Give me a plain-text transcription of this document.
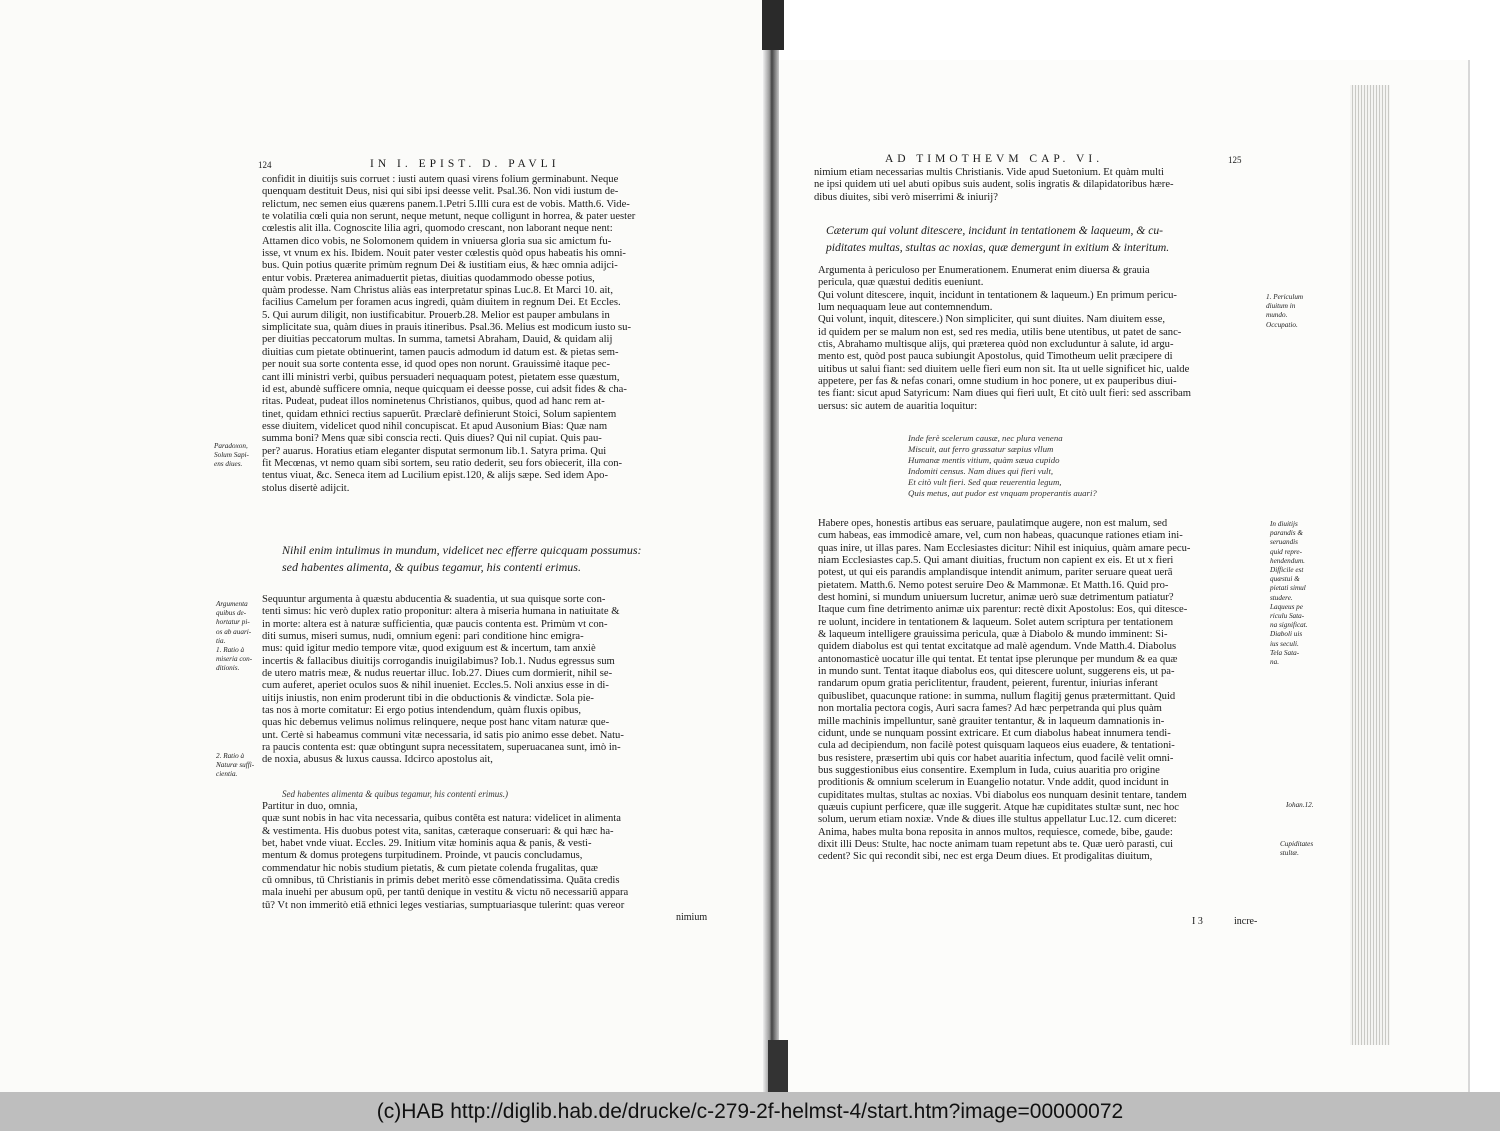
124	IN I. EPIST. D. PAVLI
confidit in diuitijs suis corruet : iusti autem quasi virens folium germinabunt. Neque
quenquam destituit Deus, nisi qui sibi ipsi deesse velit. Psal.36. Non vidi iustum de-
relictum, nec semen eius quærens panem.1.Petri 5.Illi cura est de vobis. Matth.6. Vide-
te volatilia cœli quia non serunt, neque metunt, neque colligunt in horrea, & pater uester
cœlestis alit illa. Cognoscite lilia agri, quomodo crescant, non laborant neque nent:
Attamen dico vobis, ne Solomonem quidem in vniuersa gloria sua sic amictum fu-
isse, vt vnum ex his. Ibidem. Nouit pater vester cœlestis quòd opus habeatis his omni-
bus. Quin potius quærite primùm regnum Dei & iustitiam eius, & hæc omnia adijci-
entur vobis. Præterea animaduertit pietas, diuitias quodammodo obesse potius,
quàm prodesse. Nam Christus aliàs eas interpretatur spinas Luc.8. Et Marci 10. ait,
facilius Camelum per foramen acus ingredi, quàm diuitem in regnum Dei. Et Eccles.
5. Qui aurum diligit, non iustificabitur. Prouerb.28. Melior est pauper ambulans in
simplicitate sua, quàm diues in prauis itineribus. Psal.36. Melius est modicum iusto su-
per diuitias peccatorum multas. In summa, tametsi Abraham, Dauid, & quidam alij
diuitias cum pietate obtinuerint, tamen paucis admodum id datum est. & pietas sem-
per nouit sua sorte contenta esse, id quod opes non norunt. Grauissimè itaque pec-
cant illi ministri verbi, quibus persuaderi nequaquam potest, pietatem esse quæstum,
id est, abundè sufficere omnia, neque quicquam ei deesse posse, cui adsit fides & cha-
ritas. Pudeat, pudeat illos nominetenus Christianos, quibus, quod ad hanc rem at-
tinet, quidam ethnici rectius sapuerūt. Præclarè definierunt Stoici, Solum sapientem
esse diuitem, videlicet quod nihil concupiscat. Et apud Ausonium Bias: Quæ nam
summa boni? Mens quæ sibi conscia recti. Quis diues? Qui nil cupiat. Quis pau-
per? auarus. Horatius etiam eleganter disputat sermonum lib.1. Satyra prima. Qui
fit Mecœnas, vt nemo quam sibi sortem, seu ratio dederit, seu fors obiecerit, illa con-
tentus viuat, &c. Seneca item ad Lucilium epist.120, & alijs sæpe. Sed idem Apo-
stolus disertè adijcit.
Nihil enim intulimus in mundum, videlicet nec efferre quicquam possumus:
sed habentes alimenta, & quibus tegamur, his contenti erimus.
Sequuntur argumenta à quæstu abducentia & suadentia, ut sua quisque sorte con-
tenti simus: hic verò duplex ratio proponitur: altera à miseria humana in natiuitate &
in morte: altera est à naturæ sufficientia, quæ paucis contenta est. Primùm vt con-
diti sumus, miseri sumus, nudi, omnium egeni: pari conditione hinc emigra-
mus: quid igitur medio tempore vitæ, quod exiguum est & incertum, tam anxiè
incertis & fallacibus diuitijs corrogandis inuigilabimus? Iob.1. Nudus egressus sum
de utero matris meæ, & nudus reuertar illuc. Iob.27. Diues cum dormierit, nihil se-
cum auferet, aperiet oculos suos & nihil inueniet. Eccles.5. Noli anxius esse in di-
uitijs iniustis, non enim proderunt tibi in die obductionis & vindictæ. Sola pie-
tas nos à morte comitatur: Ei ergo potius intendendum, quàm fluxis opibus,
quas hic debemus velimus nolimus relinquere, neque post hanc vitam naturæ que-
unt. Certè si habeamus communi vitæ necessaria, id satis pio animo esse debet. Natu-
ra paucis contenta est: quæ obtingunt supra necessitatem, superuacanea sunt, imò in-
de noxia, abusus & luxus caussa. Idcirco apostolus ait,
Sed habentes alimenta & quibus tegamur, his contenti erimus.)
Partitur in duo, omnia,
quæ sunt nobis in hac vita necessaria, quibus contēta est natura: videlicet in alimenta
& vestimenta. His duobus potest vita, sanitas, cæteraque conseruari: & qui hæc ha-
bet, habet vnde viuat. Eccles. 29. Initium vitæ hominis aqua & panis, & vesti-
mentum & domus protegens turpitudinem. Proinde, vt paucis concludamus,
commendatur hic nobis studium pietatis, & cum pietate colenda frugalitas, quæ
cū omnibus, tū Christianis in primis debet meritò esse cōmendatissima. Quāta credis
mala inuehi per abusum opū, per tantū denique in vestitu & victu nō necessariū appara
tū? Vt non immeritò etiā ethnici leges vestiarias, sumptuariasque tulerint: quas vereor
nimium
Paradoxon,
Solum Sapi-
ens diues.
Argumenta
quibus de-
hortatur pi-
os ab auari-
tia.
1. Ratio à
miseria con-
ditionis.
2. Ratio à
Naturæ suffi-
cientia.
AD TIMOTHEVM CAP. VI.	125
nimium etiam necessarias multis Christianis. Vide apud Suetonium. Et quàm multi
ne ipsi quidem uti uel abuti opibus suis audent, solis ingratis & dilapidatoribus hære-
dibus diuites, sibi verò miserrimi & iniurij?
Cæterum qui volunt ditescere, incidunt in tentationem & laqueum, & cu-
piditates multas, stultas ac noxias, quæ demergunt in exitium & interitum.
Argumenta à periculoso per Enumerationem. Enumerat enim diuersa & grauia
pericula, quæ quæstui deditis eueniunt.
Qui volunt ditescere, inquit, incidunt in tentationem & laqueum.) En primum pericu-
lum nequaquam leue aut contemnendum.
Qui volunt, inquit, ditescere.) Non simpliciter, qui sunt diuites. Nam diuitem esse,
id quidem per se malum non est, sed res media, utilis bene utentibus, ut patet de sanc-
ctis, Abrahamo multisque alijs, qui præterea quòd non excluduntur à salute, id argu-
mento est, quòd post pauca subiungit Apostolus, quid Timotheum uelit præcipere di
uitibus ut salui fiant: sed diuitem uelle fieri eum non sit. Ita ut uelle significet hic, ualde
appetere, per fas & nefas conari, omne studium in hoc ponere, ut ex pauperibus diui-
tes fiant: sicut apud Satyricum: Nam diues qui fieri uult, Et citò uult fieri: sed asscribam
uersus: sic autem de auaritia loquitur:
Inde ferè scelerum causæ, nec plura venena
Miscuit, aut ferro grassatur sæpius vllum
Humanæ mentis vitium, quàm sæua cupido
Indomiti census. Nam diues qui fieri vult,
Et citò vult fieri. Sed quæ reuerentia legum,
Quis metus, aut pudor est vnquam properantis auari?
Habere opes, honestis artibus eas seruare, paulatimque augere, non est malum, sed
cum habeas, eas immodicè amare, vel, cum non habeas, quacunque rationes etiam ini-
quas inire, ut illas pares. Nam Ecclesiastes dicitur: Nihil est iniquius, quàm amare pecu-
niam Ecclesiastes cap.5. Qui amant diuitias, fructum non capient ex eis. Et ut x fieri
potest, ut qui eis parandis amplandisque intendit animum, pariter seruare queat uerā
pietatem. Matth.6. Nemo potest seruire Deo & Mammonæ. Et Matth.16. Quid pro-
dest homini, si mundum uniuersum lucretur, animæ uerò suæ detrimentum patiatur?
Itaque cum fine detrimento animæ uix parentur: rectè dixit Apostolus: Eos, qui ditesce-
re uolunt, incidere in tentationem & laqueum. Solet autem scriptura per tentationem
& laqueum intelligere grauissima pericula, quæ à Diabolo & mundo imminent: Si-
quidem diabolus est qui tentat excitatque ad malè agendum. Vnde Matth.4. Diabolus
antonomasticè uocatur ille qui tentat. Et tentat ipse plerunque per mundum & ea quæ
in mundo sunt. Tentat itaque diabolus eos, qui ditescere uolunt, suggerens eis, ut pa-
randarum opum gratia periclitentur, fraudent, peierent, furentur, iniurias inferant
quibuslibet, quacunque ratione: in summa, nullum flagitij genus prætermittant. Quid
non mortalia pectora cogis, Auri sacra fames? Ad hæc perpetranda qui plus quàm
mille machinis impelluntur, sanè grauiter tentantur, & in laqueum damnationis in-
cidunt, unde se nunquam possint extricare. Et cum diabolus habeat innumera tendi-
cula ad decipiendum, non facilè potest quisquam laqueos eius euadere, & tentationi-
bus resistere, præsertim ubi quis cor habet auaritia infectum, quod facilè velit omni-
bus suggestionibus eius consentire. Exemplum in Iuda, cuius auaritia pro origine
proditionis & omnium scelerum in Euangelio notatur. Vnde addit, quod incidunt in
cupiditates multas, stultas ac noxias. Vbi diabolus eos nunquam desinit tentare, tandem
quæuis cupiunt perficere, quæ ille suggerit. Atque hæ cupiditates stultæ sunt, nec hoc
solum, uerum etiam noxiæ. Vnde & diues ille stultus appellatur Luc.12. cum diceret:
Anima, habes multa bona reposita in annos multos, requiesce, comede, bibe, gaude:
dixit illi Deus: Stulte, hac nocte animam tuam repetunt abs te. Quæ uerò parasti, cui
cedent? Sic qui recondit sibi, nec est erga Deum diues. Et prodigalitas diuitum,
I 3	incre-
1. Periculum
diuitum in
mundo.
Occupatio.
In diuitijs
parandis &
seruandis
quid repre-
hendendum.
Difficile est
quæstui &
pietati simul
studere.
Laqueus pe
riculu Sata-
na significat.
Diaboli uis
ius seculi.
Tela Sata-
na.
Iohan.12.
Cupiditates
stultæ.
(c)HAB http://diglib.hab.de/drucke/c-279-2f-helmst-4/start.htm?image=00000072
